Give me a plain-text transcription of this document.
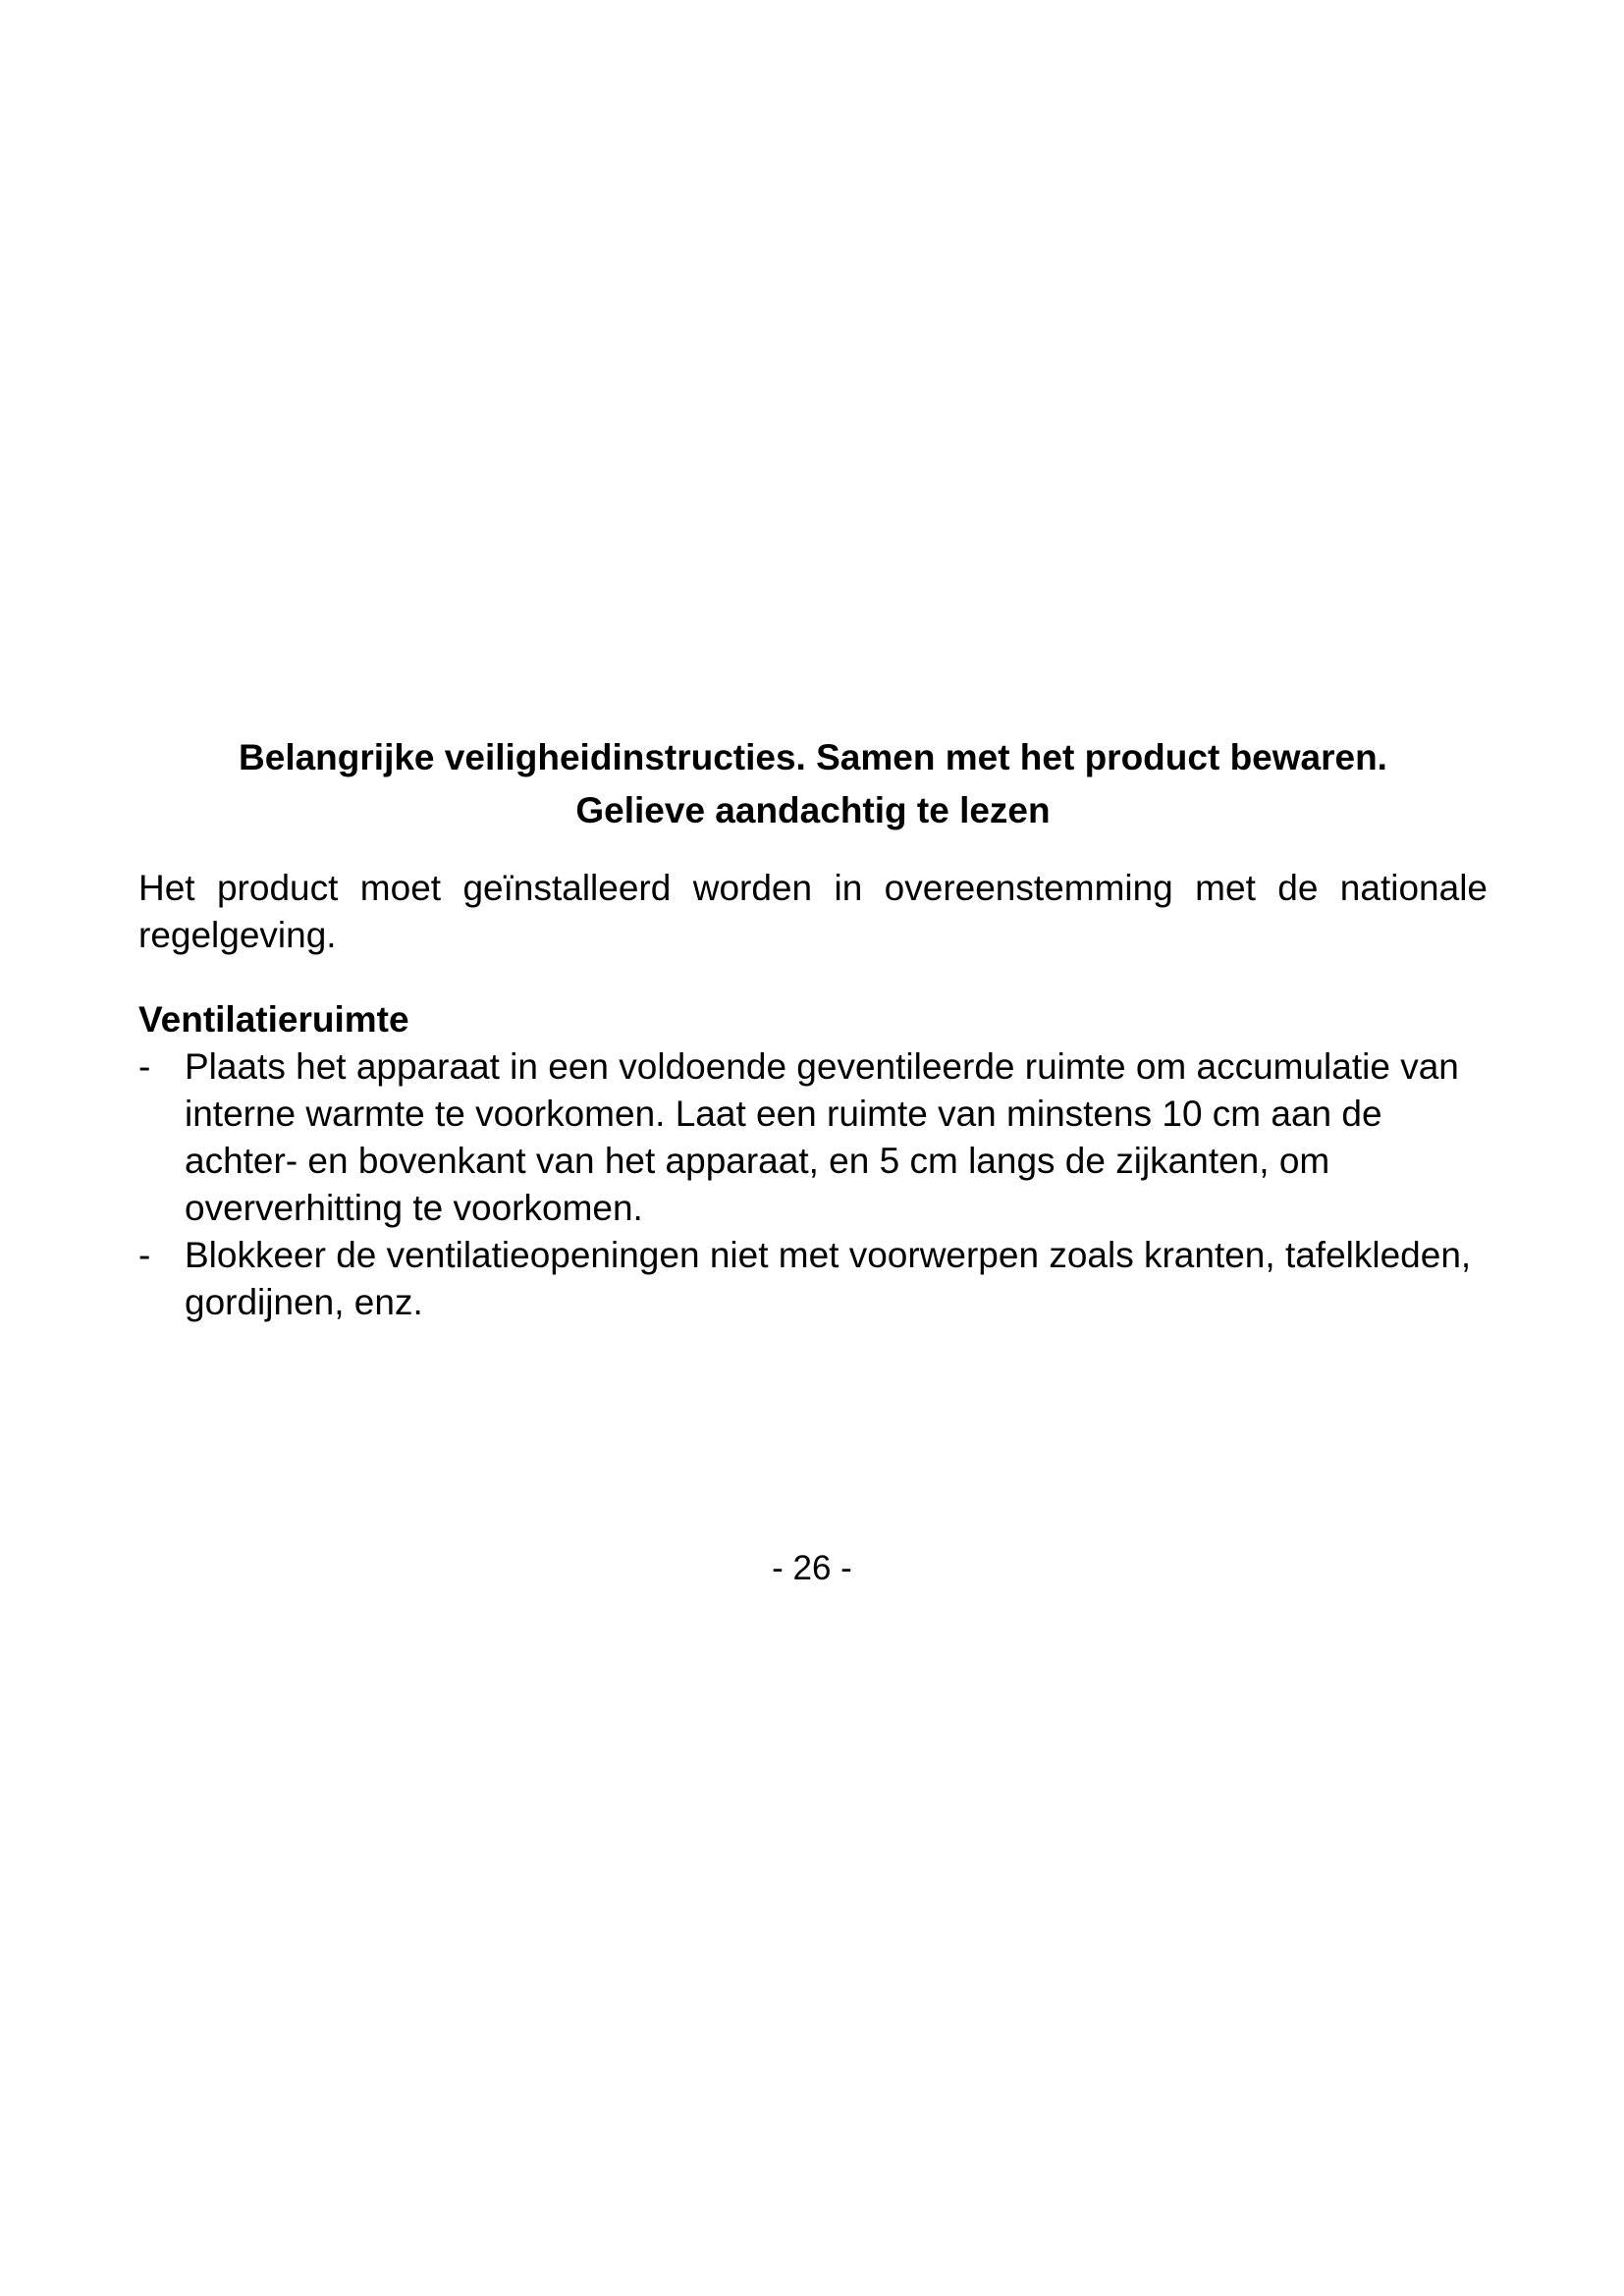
Belangrijke veiligheidinstructies. Samen met het product bewaren.
Gelieve aandachtig te lezen

Het product moet geïnstalleerd worden in overeenstemming met de nationale regelgeving.

Ventilatieruimte
- Plaats het apparaat in een voldoende geventileerde ruimte om accumulatie van interne warmte te voorkomen. Laat een ruimte van minstens 10 cm aan de achter- en bovenkant van het apparaat, en 5 cm langs de zijkanten, om oververhitting te voorkomen.
- Blokkeer de ventilatieopeningen niet met voorwerpen zoals kranten, tafelkleden, gordijnen, enz.
- 26 -
